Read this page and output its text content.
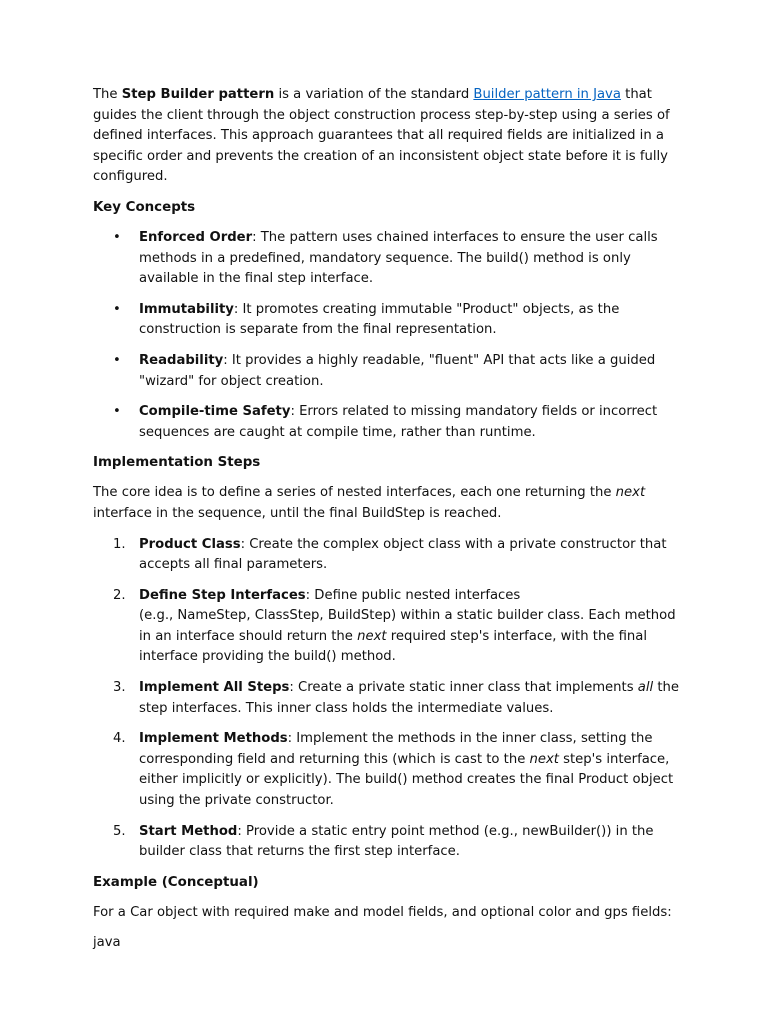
The Step Builder pattern is a variation of the standard Builder pattern in Java that guides the client through the object construction process step-by-step using a series of defined interfaces. This approach guarantees that all required fields are initialized in a specific order and prevents the creation of an inconsistent object state before it is fully configured.

Key Concepts
• Enforced Order: The pattern uses chained interfaces to ensure the user calls methods in a predefined, mandatory sequence. The build() method is only available in the final step interface.
• Immutability: It promotes creating immutable "Product" objects, as the construction is separate from the final representation.
• Readability: It provides a highly readable, "fluent" API that acts like a guided "wizard" for object creation.
• Compile-time Safety: Errors related to missing mandatory fields or incorrect sequences are caught at compile time, rather than runtime.
Implementation Steps

The core idea is to define a series of nested interfaces, each one returning the next interface in the sequence, until the final BuildStep is reached.

1.	Product Class: Create the complex object class with a private constructor that accepts all final parameters.
2.	Define Step Interfaces: Define public nested interfaces
(e.g., NameStep, ClassStep, BuildStep) within a static builder class. Each method in an interface should return the next required step's interface, with the final interface providing the build() method.
3.	Implement All Steps: Create a private static inner class that implements all the step interfaces. This inner class holds the intermediate values.
4.	Implement Methods: Implement the methods in the inner class, setting the corresponding field and returning this (which is cast to the next step's interface, either implicitly or explicitly). The build() method creates the final Product object using the private constructor.
5.	Start Method: Provide a static entry point method (e.g., newBuilder()) in the builder class that returns the first step interface.
Example (Conceptual)

For a Car object with required make and model fields, and optional color and gps fields:

java
